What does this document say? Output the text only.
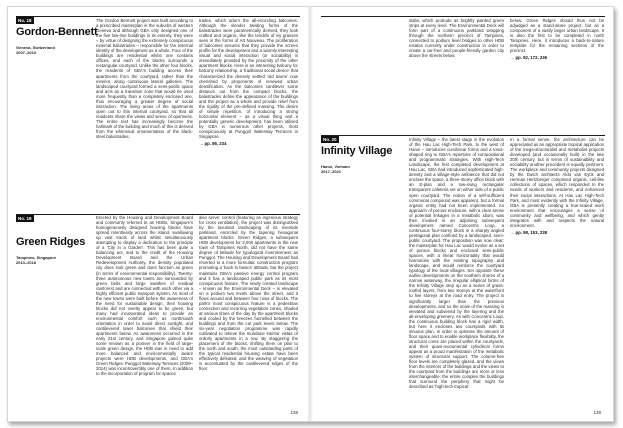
No. 18
Gordon-Bennett
Geneva, Switzerland
2007–2013

The Gordon Bennett project was built according to a prescribed masterplan in the suburbs of western Geneva and although GBA only designed one of the five low-rise buildings in its entirety, they were – by virtue of designing the extremely conspicuous external balustrades – responsible for the external identity of the development as a whole. Four of the buildings are residential whilst one contains offices, and each of the blocks surrounds a rectangular courtyard. Unlike the other four blocks, the residents of GBA's building access their apartments from the courtyard, rather than the exterior, along continuous lateral galleries. The landscaped courtyard formed a semi-public space and acts as a transition zone that would be used more frequently than a completely enclosed one, thus encouraging a greater degree of social interaction. The living areas of the apartments open out to this internal courtyard, so that all residents share the views and sense of openness. The entire text has increasingly become the hallmark of the building and much of this is derived from the whimsical ornamentation of the black-steel balustrades.

trades, which adorn the all-encircling balconies. Although the slender twisting forms of the balustrades were parametrically derived, they look crafted and organic, like the tendrils of ivy grasses seen in the forms of Art Nouveau. The proliferation of balconies ensures that they provide the screen profile for the development and a warmly interesting visual and social interaction (or sociability) is immediately provided by the proximity of the other apartment blocks. Here is an interesting balcony for balcony relationship, a 'traditional social device' that characterized the densely settled 'old towns' now cherished by proponents of renewed urban densification. As the balconies cantilever some distance out from the compact blocks, the balustrades define the appearance of the buildings and the project as a whole and provide relief from the rigidity of the pre-defined massing. The desire of simple repetition, of introducing a strong horizontal element – as a visual thing and a potentially generic development, has been utilised by GBA in numerous other projects, most conspicuously at Punggol Waterway Terraces in Singapore.

→ pp. 86, 234
No. 19
Green Ridges
Tampines, Singapore
2013–2018

Erected by the Housing and Development Board and commonly referred to as HDBs, Singapore's homogeneously designed housing blocks have spread relentlessly across the island, swallowing up vast tracts of land whilst simultaneously attempting to display a dedication to the principle of a 'City in a Garden'. This has been quite a balancing act, and to the credit of the Housing Development Board and the Urban Redevelopment Authority, the density populated city does look green and does function as green (in terms of environmental responsibility). Twenty-three autonomous new towns are surrounded by green belts and large swathes of residual rainforest and are connected with each other via a highly efficient public transport system. As most of the new towns were built before the awareness of the need for sustainable design, their housing blocks did not overtly appear to be green, but many had incorporated ideas to provide an environmental comfort such as north/south orientation in order to avoid direct sunlight, and cantilevered lower balconies that shield their apartments below. As awareness occurred in the early 21st century, and Singapore gained quite some renown as a pioneer in the field of large-scale green design, the HDB was in need to add more balanced and environmentally aware projects were HDB developments, and GBA's Green Ridges: Punggol Waterway Terraces (2009–2014) was incontrovertibly one of them. In addition to the incorporation of program for spaces

also serve: control (featuring an ingenious strategy for cross ventilation), the project was distinguished by the luxuriant landscaping of its riverside parkland, encircled by the tapering hexagonal apartment blocks. Green Ridges, a subsequent HDB development for 2,000 apartments in the new town of Tampines North, did not have the same degree of latitude for typological inventiveness as Punggol. The Housing and Development Board had reverted to a more formulaic construction program promoting a 'back to basics' attitude, but the project maintains GBA's passive energy control program and it has a landscaped public park as its most conspicuous feature. The newly created landscape – known as the Environmental Deck – is elevated on a podium two levels above the street, and it flows around and between four rows of blocks. The park's most conspicuous feature is a pedestrian connection and recurring vegetation zones, shaded at various times of the day by the apartment blocks and cooled by the breezes funnelled between the buildings and from the car park levels below. The six-year negotiation programme was rapidly cultivated to relieve the mundane interior vistas of orderly apartments in a row. By staggering the placement of the blocks, shifting them on plan to the north and south, the most outstanding parts of the typical residential housing estate have been effectively defeated, and the weaving of vegetation is accentuated by the cantilevered edges of the floor

138

slabs, which protrude as brightly painted green strips at every level. The Environmental Deck will form part of a continuous parkland wrapping through the northern precinct of Tampines, connected to podium level bridges to other HDB estates currently under construction in order to create a car-free and people-friendly garden city above the streets below.

below. Green Ridges should thus not be adjudged as a stand-alone project, but as a component of a vastly larger urban landscape. It is also the first to be completed in north Tampines. Here, it introduces a back-to-nature template for the remaining sections of the precinct.

→ pp. 92, 172, 236
No. 20
Infinity Village
Hanoi, Vietnam
2017–2021

Infinity Village – the latest stage in the evolution of the Hau Lac High-Tech Park, to the west of Hanoi – introduces curvilinear forms and a torus-shaped ring to GBA's repertoire of compositional and programmatic strategies. With High-Tech Landscape, the first completed development at Hau Lac, GBA had introduced sophisticated high-density and a village-style ambience that did not enclose the space, a three-storey office block with an E-plan and a low-slung rectangular transparent cafeteria set on either side of a public open courtyard. The notion of a self-sufficient communal compound was apparent, but a formal organic entity had not been implemented. An approach of porous enclosure, with a clear sense of potential linkages in a metabolic idiom, was then invoked in an adjoining subsequent development named Concentric Loop, a continuous four-storey block in a sharply angled pentagonal plan confined by a landscaped, semi-public courtyard. The proposition was now clear: the masterplan for Hau Lac would evolve as a set of porous blocks and enclosed semi-public spaces, with a linear horizontality that would harmonise with the existing topography and landscape, and would reinforce the courtyard typology of the local villages. Set opposite these earlier developments on the southern shores of a narrow waterway, the irregular elliptical forms of the Infinity Village step up as a series of grass-roofed layers, from two storeys at the waterfront to five storeys at the road entry. The project is significantly larger than the previous developments, and so the scale of the massing is elevated and subverted by the layering and the all-enveloping greenery. As with Concentric Loop, the continuous building block has a rigid width, but here it encloses two courtyards with its sinuous plan. In order to optimise the amount of floor space and to enable workplace flexibility, the structural cores are placed within the courtyards, and their quasi-monumental cylindrical forms appear as a proud manifestation of the metabolic system of structural support. The column-free floor levels are completely glazed, and the views from the interiors of the buildings and the views to the courtyard from the buildings are more or less interchangeable: the entire complex the buildings that surround the periphery that might be described as 'high-tech tropical'.

In a formal sense, the architecture can be appreciated as an appropriate tropical application of the mega-structuralist and metabolist projects developed (and occasionally built) in the late 20th century, but in terms of sustainability and sociability another precedent is equally pertinent. The workplace and community projects designed by the Dutch architects Aldo van Eyck and Herman Hertzberger comprised organic, cell-like collections of spaces, which responded to the needs of workers and residents, and enhanced their social interactions. At Hau Lac High-Tech Park, and most evidently with the Infinity Village, GBA is presently creating a true-scaled work environment that encourages a sense of community and wellbeing, and which gently integrates with and respects the natural environment.

→ pp. 98, 153, 238
139
